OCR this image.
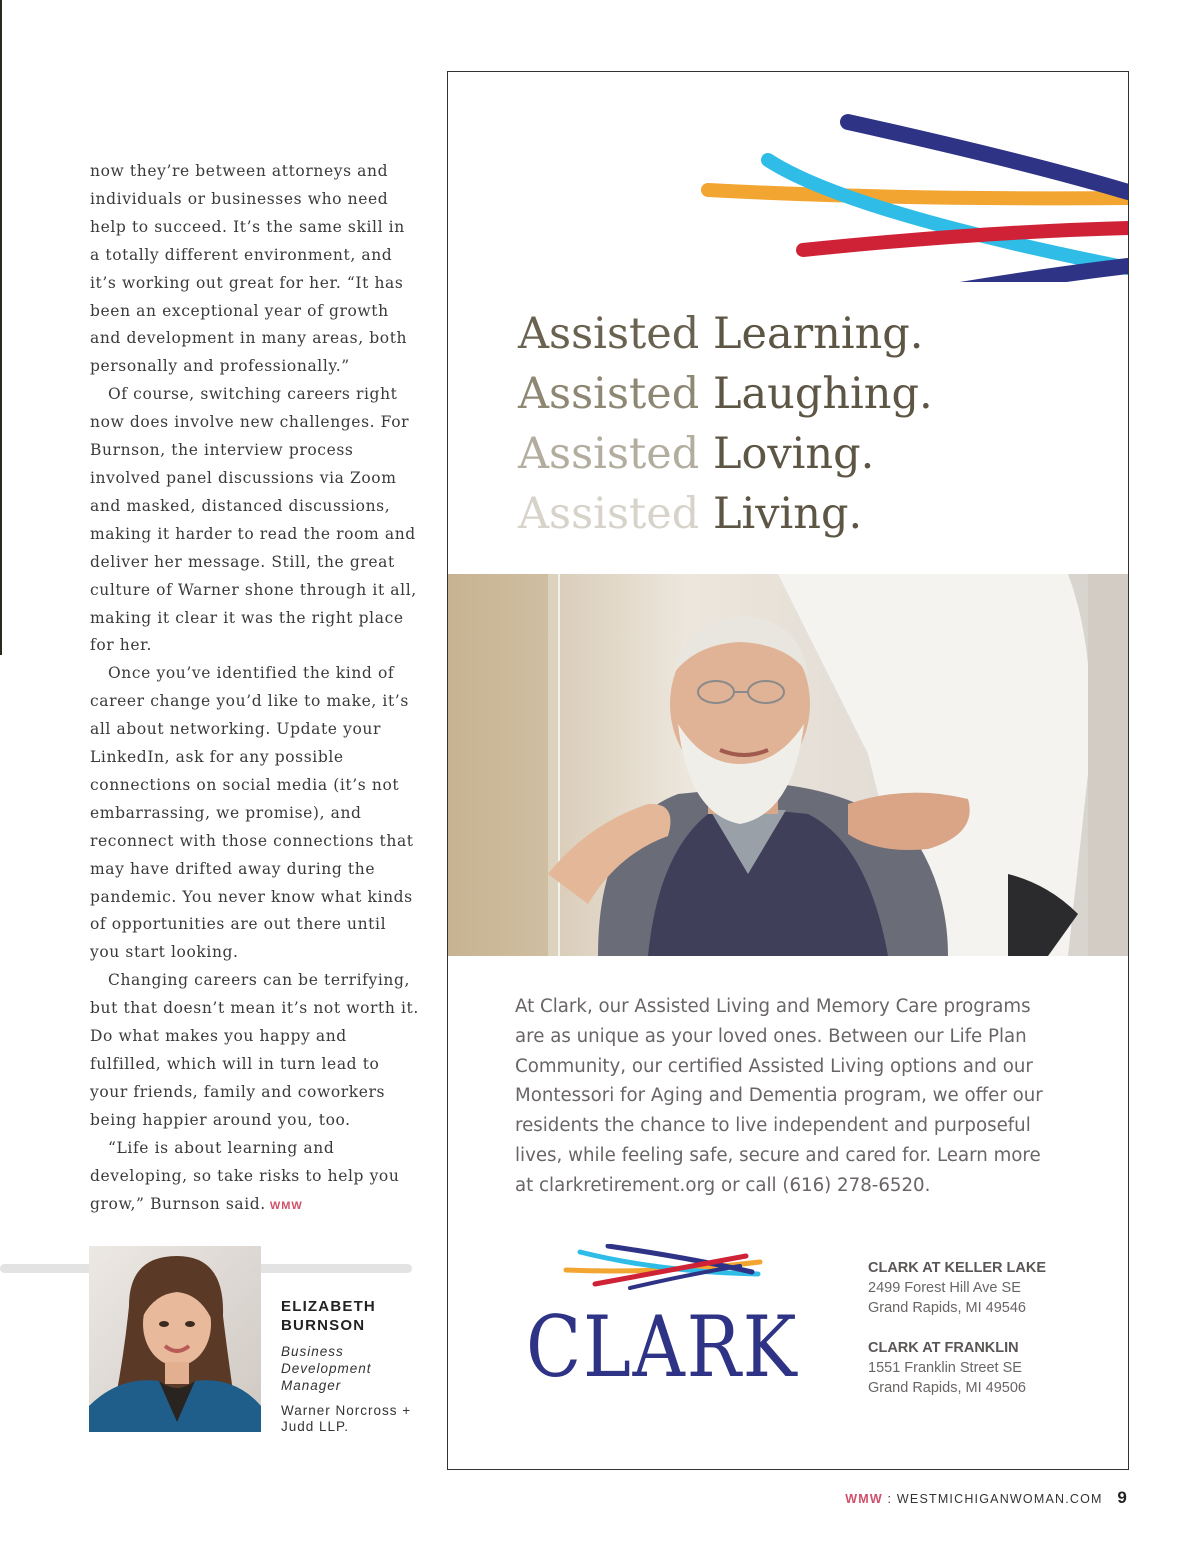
now they’re between attorneys and individuals or businesses who need help to succeed. It’s the same skill in a totally different environment, and it’s working out great for her. “It has been an exceptional year of growth and development in many areas, both personally and professionally.”

Of course, switching careers right now does involve new challenges. For Burnson, the interview process involved panel discussions via Zoom and masked, distanced discussions, making it harder to read the room and deliver her message. Still, the great culture of Warner shone through it all, making it clear it was the right place for her.

Once you’ve identified the kind of career change you’d like to make, it’s all about networking. Update your LinkedIn, ask for any possible connections on social media (it’s not embarrassing, we promise), and reconnect with those connections that may have drifted away during the pandemic. You never know what kinds of opportunities are out there until you start looking.

Changing careers can be terrifying, but that doesn’t mean it’s not worth it. Do what makes you happy and fulfilled, which will in turn lead to your friends, family and coworkers being happier around you, too.

“Life is about learning and developing, so take risks to help you grow,” Burnson said. WMW

ELIZABETH BURNSON
Business Development Manager
Warner Norcross + Judd LLP.
Assisted Learning.
Assisted Laughing.
Assisted Loving.
Assisted Living.
At Clark, our Assisted Living and Memory Care programs are as unique as your loved ones. Between our Life Plan Community, our certified Assisted Living options and our Montessori for Aging and Dementia program, we offer our residents the chance to live independent and purposeful lives, while feeling safe, secure and cared for. Learn more at clarkretirement.org or call (616) 278-6520.
CLARK
CLARK AT KELLER LAKE
2499 Forest Hill Ave SE
Grand Rapids, MI 49546
CLARK AT FRANKLIN
1551 Franklin Street SE
Grand Rapids, MI 49506
WMW : WESTMICHIGANWOMAN.COM 9
